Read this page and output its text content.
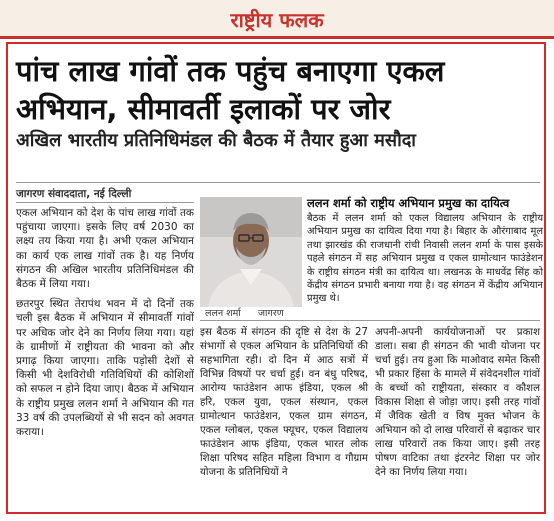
राष्ट्रीय फलक
पांच लाख गांवों तक पहुंच बनाएगा एकल अभियान, सीमावर्ती इलाकों पर जोर
अखिल भारतीय प्रतिनिधिमंडल की बैठक में तैयार हुआ मसौदा
जागरण संवाददाता, नई दिल्ली

एकल अभियान को देश के पांच लाख गांवों तक पहुंचाया जाएगा। इसके लिए वर्ष 2030 का लक्ष्य तय किया गया है। अभी एकल अभियान का कार्य एक लाख गांवों तक है। यह निर्णय संगठन की अखिल भारतीय प्रतिनिधिमंडल की बैठक में लिया गया।

छतरपुर स्थित तेरापंथ भवन में दो दिनों तक चली इस बैठक में अभियान में सीमावर्ती गांवों पर अधिक जोर देने का निर्णय लिया गया। यहां के ग्रामीणों में राष्ट्रीयता की भावना को और प्रगाढ़ किया जाएगा। ताकि पड़ोसी देशों से किसी भी देशविरोधी गतिविधियों की कोशिशों को सफल न होने दिया जाए। बैठक में अभियान के राष्ट्रीय प्रमुख ललन शर्मा ने अभियान की गत 33 वर्ष की उपलब्धियों से भी सदन को अवगत कराया।

ललन शर्मा जागरण
ललन शर्मा को राष्ट्रीय अभियान प्रमुख का दायित्व
बैठक में ललन शर्मा को एकल विद्यालय अभियान के राष्ट्रीय अभियान प्रमुख का दायित्व दिया गया है। बिहार के औरंगाबाद मूल तथा झारखंड की राजधानी रांची निवासी ललन शर्मा के पास इसके पहले संगठन में सह अभियान प्रमुख व एकल ग्रामोत्थान फाउंडेशन के राष्ट्रीय संगठन मंत्री का दायित्व था। लखनऊ के माधवेंद्र सिंह को केंद्रीय संगठन प्रभारी बनाया गया है। वह संगठन में केंद्रीय अभियान प्रमुख थे।

इस बैठक में संगठन की दृष्टि से देश के 27 संभागों से एकल अभियान के प्रतिनिधियों की सहभागिता रही। दो दिन में आठ सत्रों में विभिन्न विषयों पर चर्चा हुई। वन बंधु परिषद, आरोग्य फाउंडेशन आफ इंडिया, एकल श्री हरि, एकल युवा, एकल संस्थान, एकल ग्रामोत्थान फाउंडेशन, एकल ग्राम संगठन, एकल ग्लोबल, एकल फ्यूचर, एकल विद्यालय फाउंडेशन आफ इंडिया, एकल भारत लोक शिक्षा परिषद सहित महिला विभाग व गौग्राम योजना के प्रतिनिधियों ने

अपनी-अपनी कार्ययोजनाओं पर प्रकाश डाला। सबा ही संगठन की भावी योजना पर चर्चा हुई। तय हुआ कि माओवाद समेत किसी भी प्रकार हिंसा के मामले में संवेदनशील गांवों के बच्चों को राष्ट्रीयता, संस्कार व कौशल विकास शिक्षा से जोड़ा जाए। इसी तरह गांवों में जैविक खेती व विष मुक्त भोजन के अभियान को दो लाख परिवारों से बढ़ाकर चार लाख परिवारों तक किया जाए। इसी तरह पोषण वाटिका तथा इंटरनेट शिक्षा पर जोर देने का निर्णय लिया गया।
